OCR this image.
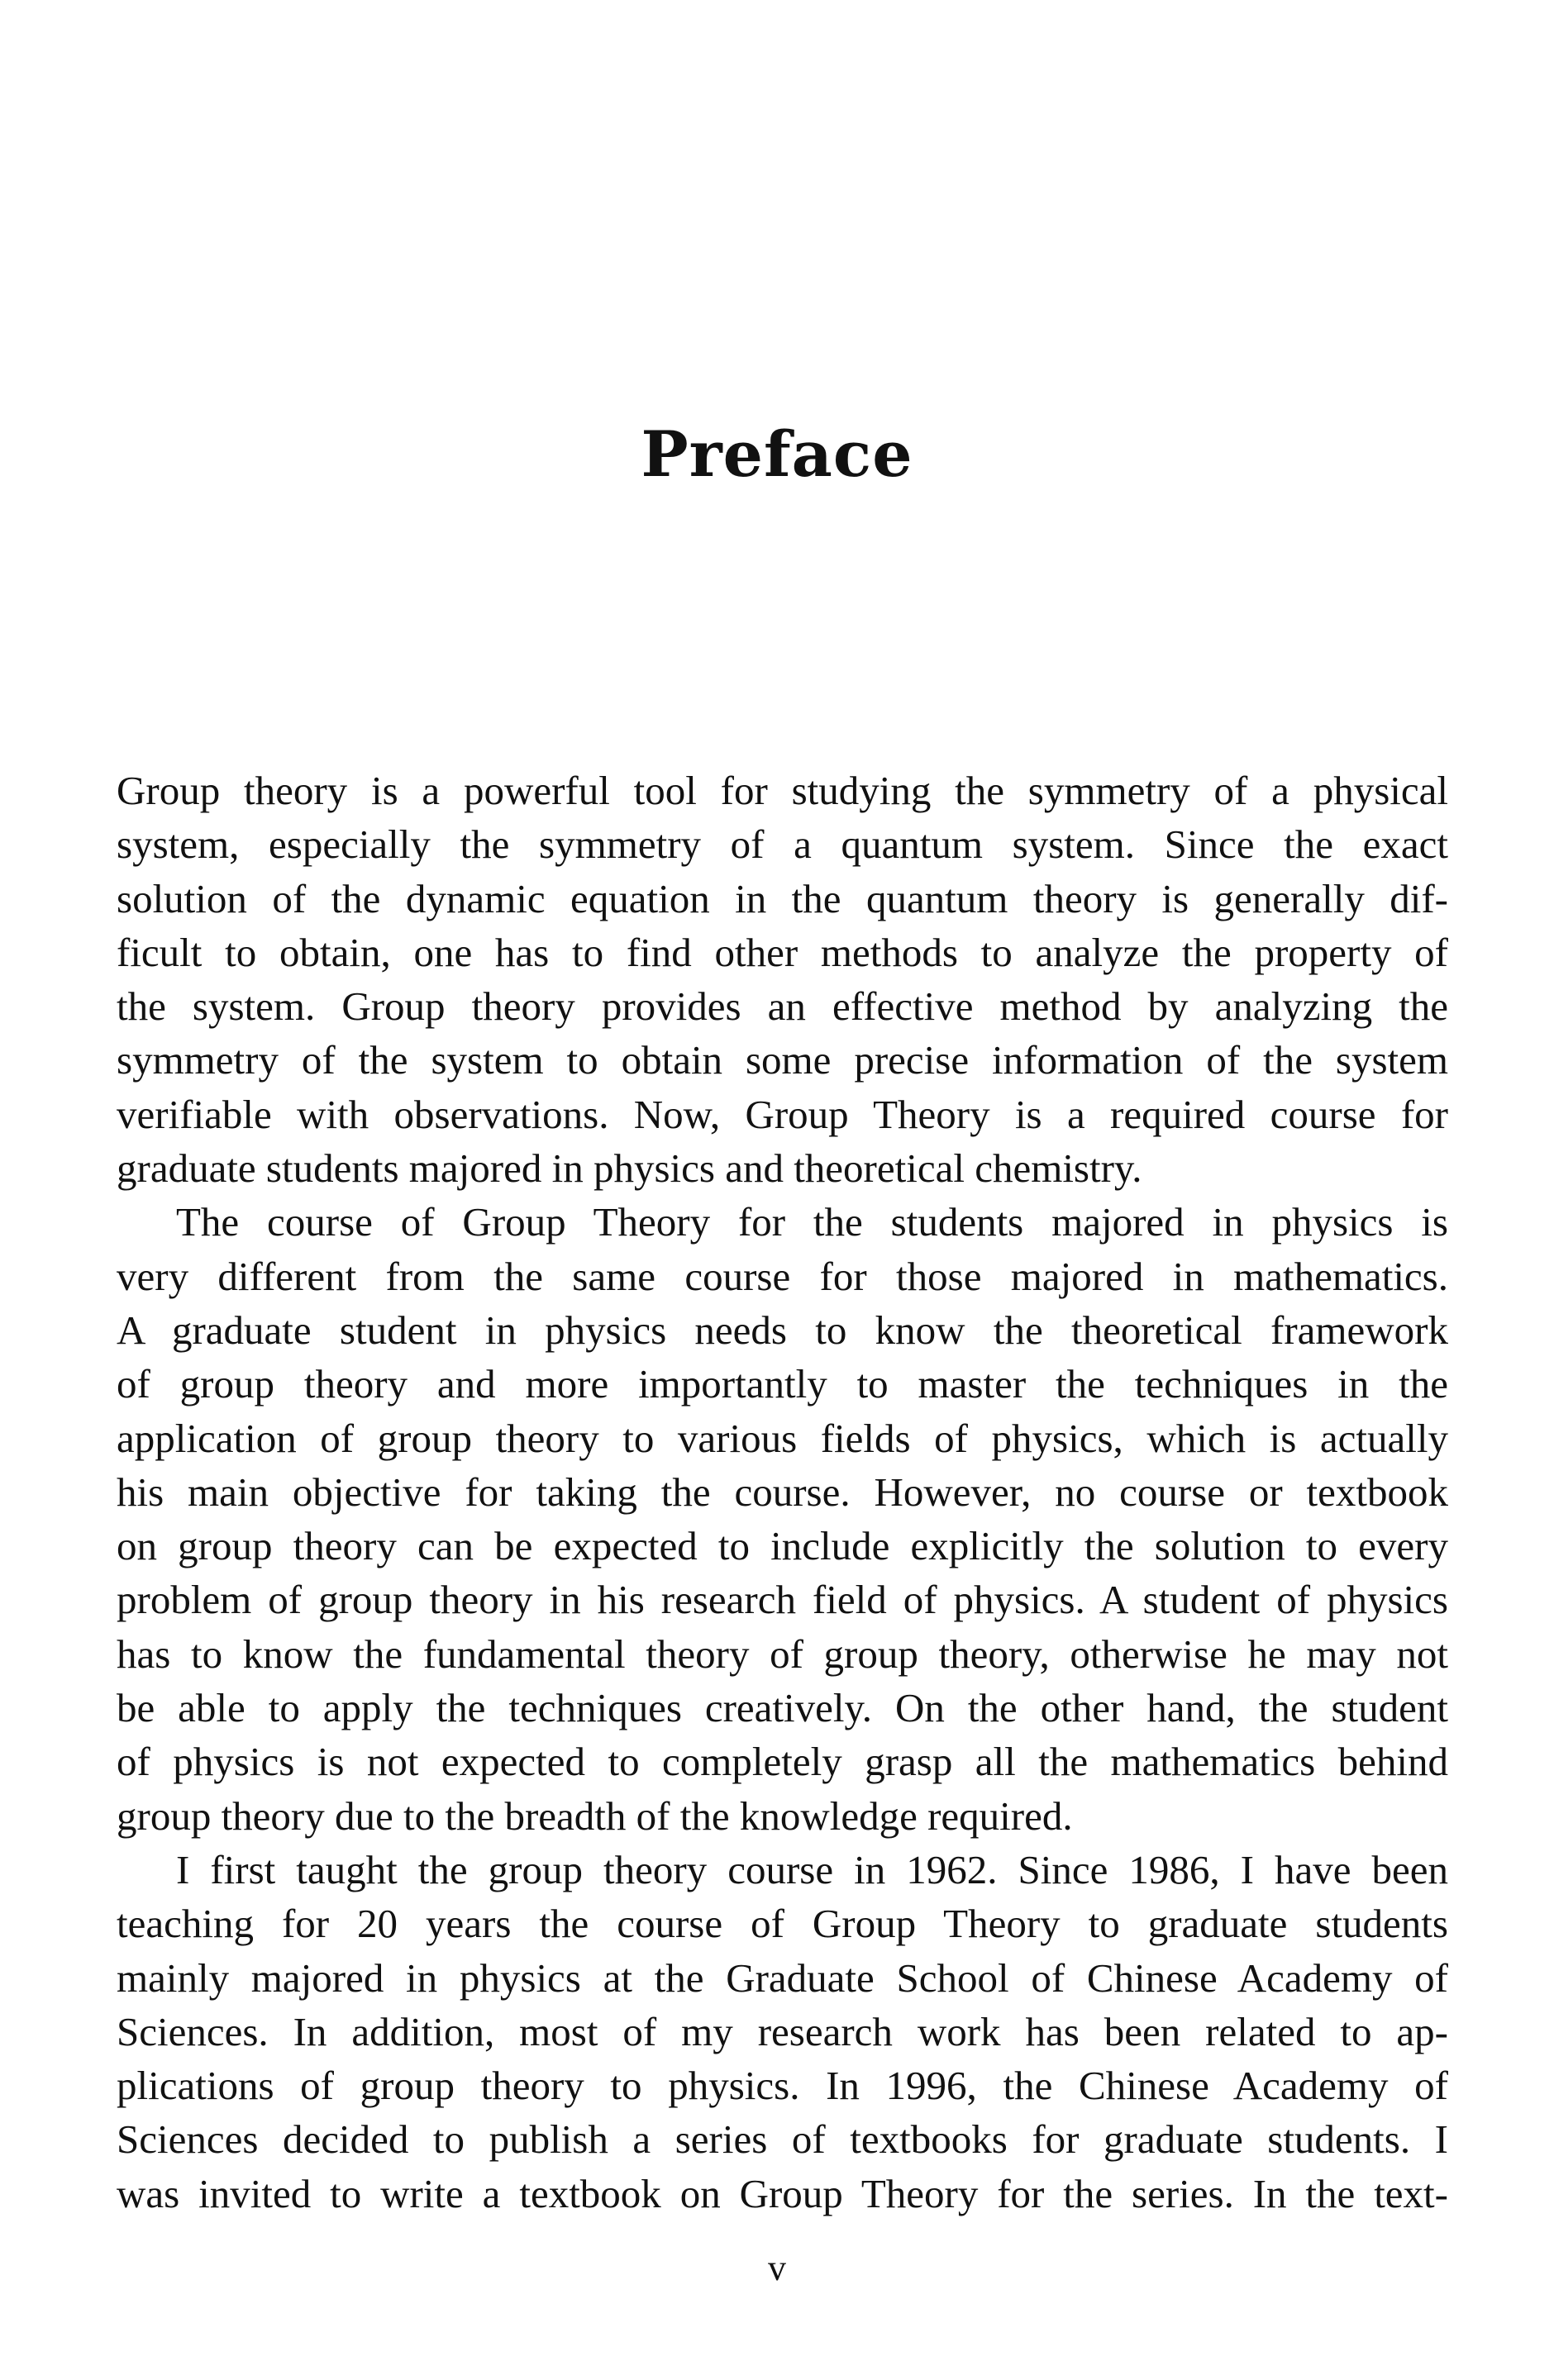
Preface
Group theory is a powerful tool for studying the symmetry of a physical
system, especially the symmetry of a quantum system. Since the exact
solution of the dynamic equation in the quantum theory is generally dif-
ficult to obtain, one has to find other methods to analyze the property of
the system. Group theory provides an effective method by analyzing the
symmetry of the system to obtain some precise information of the system
verifiable with observations. Now, Group Theory is a required course for
graduate students majored in physics and theoretical chemistry.
The course of Group Theory for the students majored in physics is
very different from the same course for those majored in mathematics.
A graduate student in physics needs to know the theoretical framework
of group theory and more importantly to master the techniques in the
application of group theory to various fields of physics, which is actually
his main objective for taking the course. However, no course or textbook
on group theory can be expected to include explicitly the solution to every
problem of group theory in his research field of physics. A student of physics
has to know the fundamental theory of group theory, otherwise he may not
be able to apply the techniques creatively. On the other hand, the student
of physics is not expected to completely grasp all the mathematics behind
group theory due to the breadth of the knowledge required.
I first taught the group theory course in 1962. Since 1986, I have been
teaching for 20 years the course of Group Theory to graduate students
mainly majored in physics at the Graduate School of Chinese Academy of
Sciences. In addition, most of my research work has been related to ap-
plications of group theory to physics. In 1996, the Chinese Academy of
Sciences decided to publish a series of textbooks for graduate students. I
was invited to write a textbook on Group Theory for the series. In the text-
v
